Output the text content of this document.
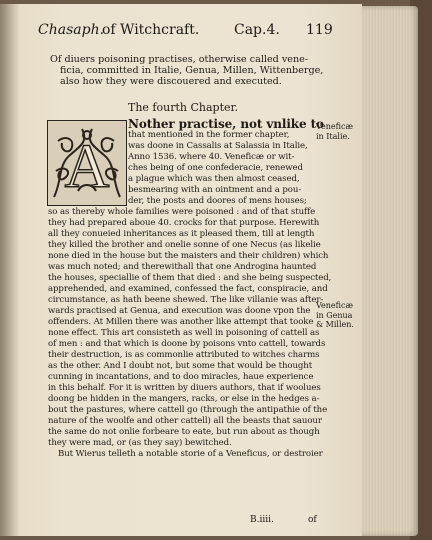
Chasaph.
of Witchcraft. Cap.4. 119

Of diuers poisoning practises, otherwise called vene-

ficia, committed in Italie, Genua, Millen, Wittenberge,

also how they were discouered and executed.

The fourth Chapter.
A
Nother practise, not vnlike to
that mentioned in the former chapter,
was doone in Cassalis at Salassia in Italie,
Anno 1536. where 40. Veneficæ or wit-
ches being of one confederacie, renewed
a plague which was then almost ceased,
besmearing with an ointment and a pou-
der, the posts and doores of mens houses;
so as thereby whole families were poisoned : and of that stuffe
they had prepared aboue 40. crocks for that purpose. Herewith
all they conueied inheritances as it pleased them, till at length
they killed the brother and onelie sonne of one Necus (as likelie
none died in the house but the maisters and their children) which
was much noted; and therewithall that one Androgina haunted
the houses, speciallie of them that died : and she being suspected,
apprehended, and examined, confessed the fact, conspiracie, and
circumstance, as hath beene shewed. The like villanie was after-
wards practised at Genua, and execution was doone vpon the
offenders. At Millen there was another like attempt that tooke
none effect. This art consisteth as well in poisoning of cattell as
of men : and that which is doone by poisons vnto cattell, towards
their destruction, is as commonlie attributed to witches charms
as the other. And I doubt not, but some that would be thought
cunning in incantations, and to doo miracles, haue experience
in this behalf. For it is written by diuers authors, that if woolues
doong be hidden in the mangers, racks, or else in the hedges a-
bout the pastures, where cattell go (through the antipathie of the
nature of the woolfe and other cattell) all the beasts that sauour
the same do not onlie forbeare to eate, but run about as though
they were mad, or (as they say) bewitched.
But Wierus telleth a notable storie of a Veneficus, or destroier
Veneficæ
in Italie.
Veneficæ
in Genua
& Millen.
B.iiii.	of
